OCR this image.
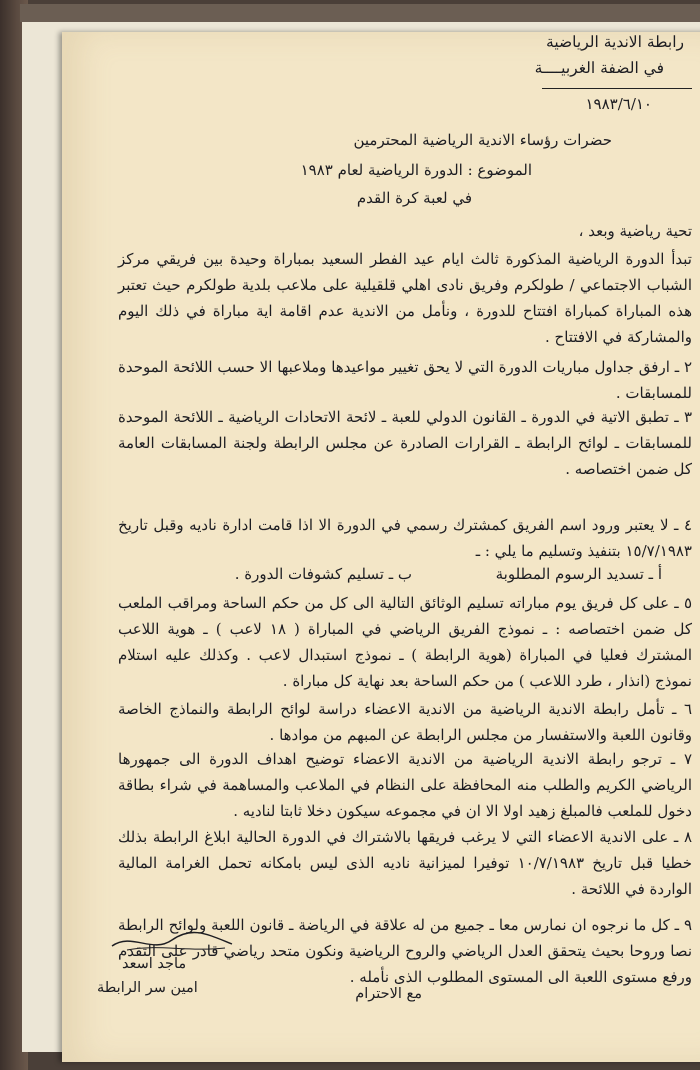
رابطة الاندية الرياضية
في الضفة الغربيــــة
١٩٨٣/٦/١٠
حضرات رؤساء الاندية الرياضية المحترمين
الموضوع : الدورة الرياضية لعام ١٩٨٣
في لعبة كرة القدم
تحية رياضية وبعد ،
تبدأ الدورة الرياضية المذكورة ثالث ايام عيد الفطر السعيد بمباراة وحيدة بين فريقي مركز الشباب الاجتماعي / طولكرم وفريق نادى اهلي قلقيلية على ملاعب بلدية طولكرم حيث تعتبر هذه المباراة كمباراة افتتاح للدورة ، ونأمل من الاندية عدم اقامة اية مباراة في ذلك اليوم والمشاركة في الافتتاح .
٢ ـ ارفق جداول مباريات الدورة التي لا يحق تغيير مواعيدها وملاعبها الا حسب اللائحة الموحدة للمسابقات .
٣ ـ تطبق الاتية في الدورة ـ القانون الدولي للعبة ـ لائحة الاتحادات الرياضية ـ اللائحة الموحدة للمسابقات ـ لوائح الرابطة ـ القرارات الصادرة عن مجلس الرابطة ولجنة المسابقات العامة كل ضمن اختصاصه .
٤ ـ لا يعتبر ورود اسم الفريق كمشترك رسمي في الدورة الا اذا قامت ادارة ناديه وقبل تاريخ ١٥/٧/١٩٨٣ بتنفيذ وتسليم ما يلي : ـ
أ ـ تسديد الرسوم المطلوبة
ب ـ تسليم كشوفات الدورة .
٥ ـ على كل فريق يوم مباراته تسليم الوثائق التالية الى كل من حكم الساحة ومراقب الملعب كل ضمن اختصاصه : ـ نموذج الفريق الرياضي في المباراة ( ١٨ لاعب ) ـ هوية اللاعب المشترك فعليا في المباراة (هوية الرابطة ) ـ نموذج استبدال لاعب . وكذلك عليه استلام نموذج (انذار ، طرد اللاعب ) من حكم الساحة بعد نهاية كل مباراة .
٦ ـ تأمل رابطة الاندية الرياضية من الاندية الاعضاء دراسة لوائح الرابطة والنماذج الخاصة وقانون اللعبة والاستفسار من مجلس الرابطة عن المبهم من موادها .
٧ ـ ترجو رابطة الاندية الرياضية من الاندية الاعضاء توضيح اهداف الدورة الى جمهورها الرياضي الكريم والطلب منه المحافظة على النظام في الملاعب والمساهمة في شراء بطاقة دخول للملعب فالمبلغ زهيد اولا الا ان في مجموعه سيكون دخلا ثابتا لناديه .
٨ ـ على الاندية الاعضاء التي لا يرغب فريقها بالاشتراك في الدورة الحالية ابلاغ الرابطة بذلك خطيا قبل تاريخ ١٠/٧/١٩٨٣ توفيرا لميزانية ناديه الذى ليس بامكانه تحمل الغرامة المالية الواردة في اللائحة .
٩ ـ كل ما نرجوه ان نمارس معا ـ جميع من له علاقة في الرياضة ـ قانون اللعبة ولوائح الرابطة نصا وروحا بحيث يتحقق العدل الرياضي والروح الرياضية ونكون متحد رياضي قادر على التقدم ورفع مستوى اللعبة الى المستوى المطلوب الذى نأمله .
مع الاحترام
ماجد اسعد
امين سر الرابطة
